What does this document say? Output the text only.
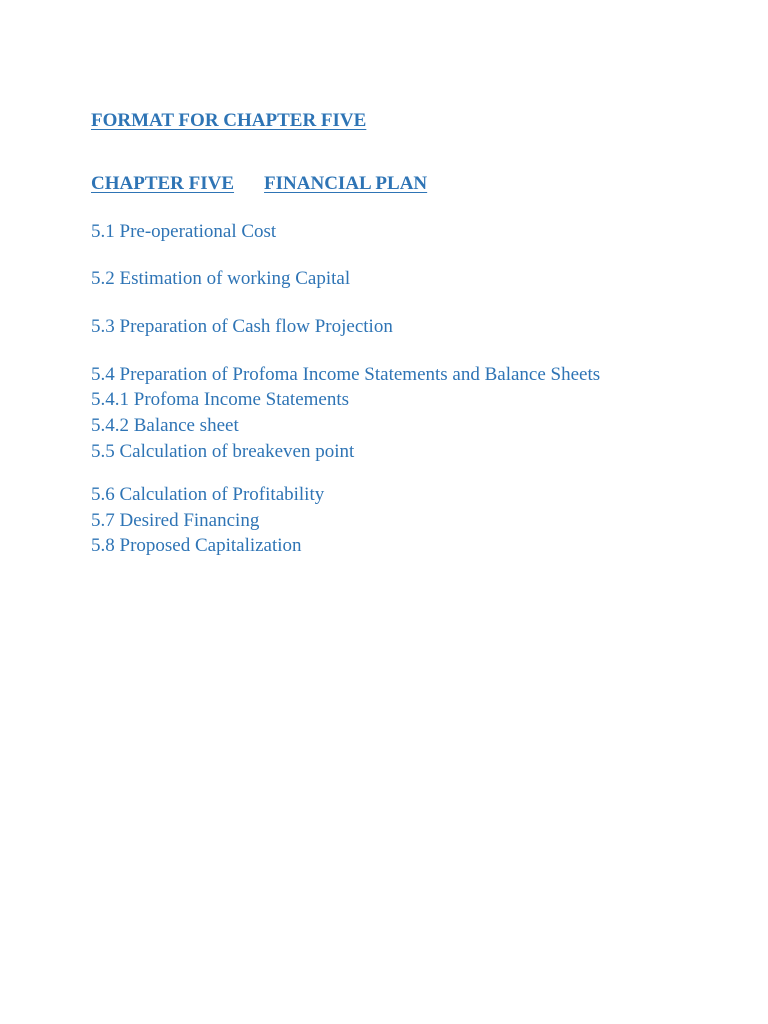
FORMAT FOR CHAPTER FIVE
CHAPTER FIVE FINANCIAL PLAN
5.1 Pre-operational Cost
5.2 Estimation of working Capital
5.3 Preparation of Cash flow Projection
5.4 Preparation of Profoma Income Statements and Balance Sheets
5.4.1 Profoma Income Statements
5.4.2 Balance sheet
5.5 Calculation of breakeven point
5.6 Calculation of Profitability
5.7 Desired Financing
5.8 Proposed Capitalization
